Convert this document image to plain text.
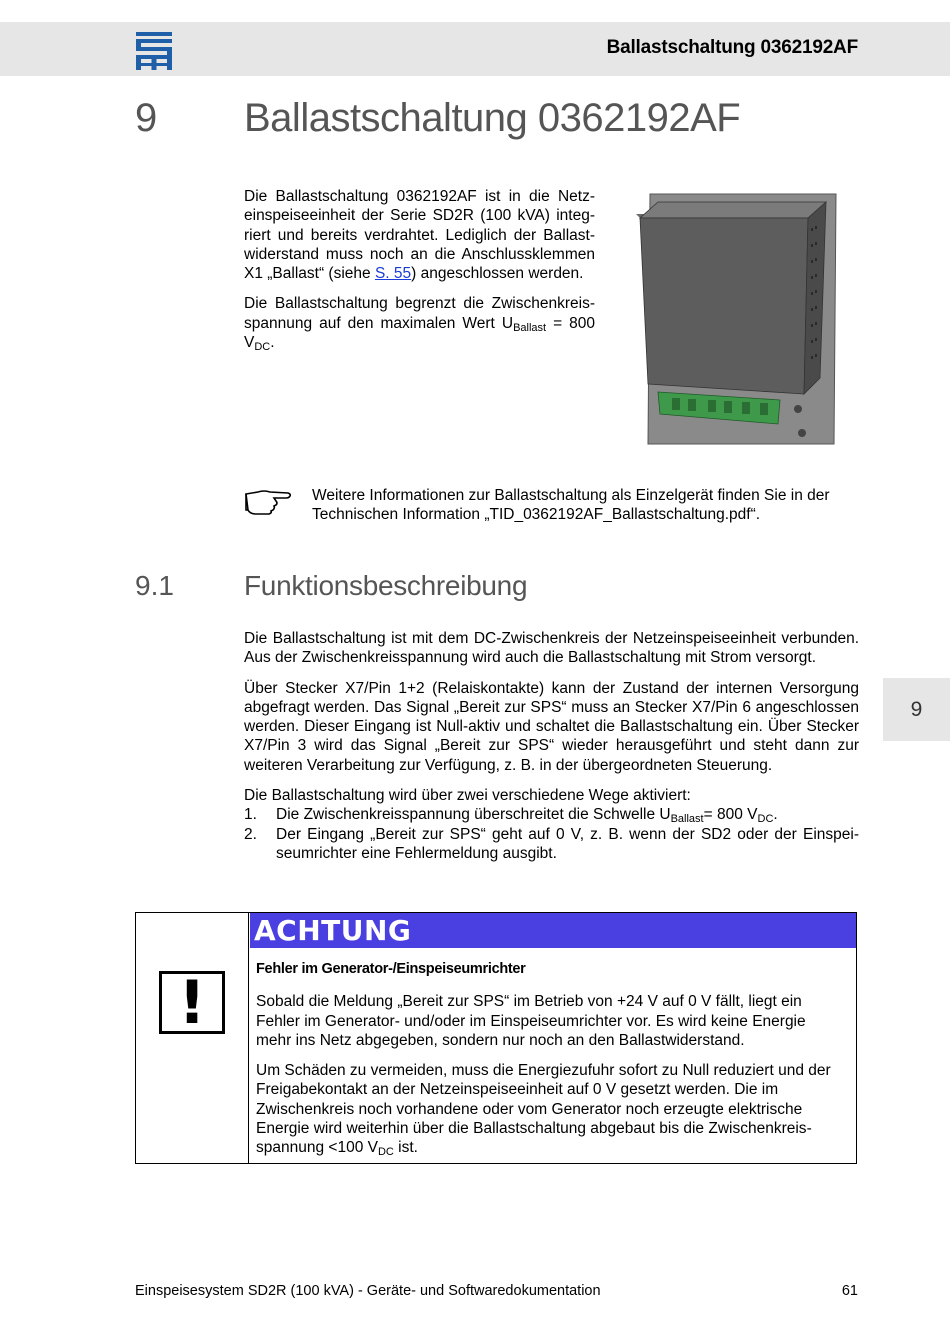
Ballastschaltung 0362192AF
9 Ballastschaltung 0362192AF

Die Ballastschaltung 0362192AF ist in die Netzeinspeiseeinheit der Serie SD2R (100 kVA) integriert und bereits verdrahtet. Lediglich der Ballastwiderstand muss noch an die Anschlussklemmen X1 „Ballast“ (siehe S. 55) angeschlossen werden.

Die Ballastschaltung begrenzt die Zwischenkreisspannung auf den maximalen Wert $U_{Ballast} = 800$ $V_{DC}$.

Weitere Informationen zur Ballastschaltung als Einzelgerät finden Sie in der Technischen Information „TID_0362192AF_Ballastschaltung.pdf“.
9.1	Funktionsbeschreibung

Die Ballastschaltung ist mit dem DC-Zwischenkreis der Netzeinspeiseeinheit verbunden. Aus der Zwischenkreisspannung wird auch die Ballastschaltung mit Strom versorgt.

Über Stecker X7/Pin 1+2 (Relaiskontakte) kann der Zustand der internen Versorgung abgefragt werden. Das Signal „Bereit zur SPS“ muss an Stecker X7/Pin 6 angeschlossen werden. Dieser Eingang ist Null-aktiv und schaltet die Ballastschaltung ein. Über Stecker X7/Pin 3 wird das Signal „Bereit zur SPS“ wieder herausgeführt und steht dann zur weiteren Verarbeitung zur Verfügung, z. B. in der übergeordneten Steuerung.

Die Ballastschaltung wird über zwei verschiedene Wege aktiviert:

1. Die Zwischenkreisspannung überschreitet die Schwelle $U_{Ballast}= 800$ $V_{DC}$.
2. Der Eingang „Bereit zur SPS“ geht auf 0 V, z. B. wenn der SD2 oder der Einspeiseumrichter eine Fehlermeldung ausgibt.
9
!
ACHTUNG
Fehler im Generator-/Einspeiseumrichter

Sobald die Meldung „Bereit zur SPS“ im Betrieb von +24 V auf 0 V fällt, liegt ein Fehler im Generator- und/oder im Einspeiseumrichter vor. Es wird keine Energie mehr ins Netz abgegeben, sondern nur noch an den Ballastwiderstand.

Um Schäden zu vermeiden, muss die Energiezufuhr sofort zu Null reduziert und der Freigabekontakt an der Netzeinspeiseeinheit auf 0 V gesetzt werden. Die im Zwischenkreis noch vorhandene oder vom Generator noch erzeugte elektrische Energie wird weiterhin über die Ballastschaltung abgebaut bis die Zwischenkreisspannung <100 $V_{DC}$ ist.

Einspeisesystem SD2R (100 kVA) - Geräte- und Softwaredokumentation	61
